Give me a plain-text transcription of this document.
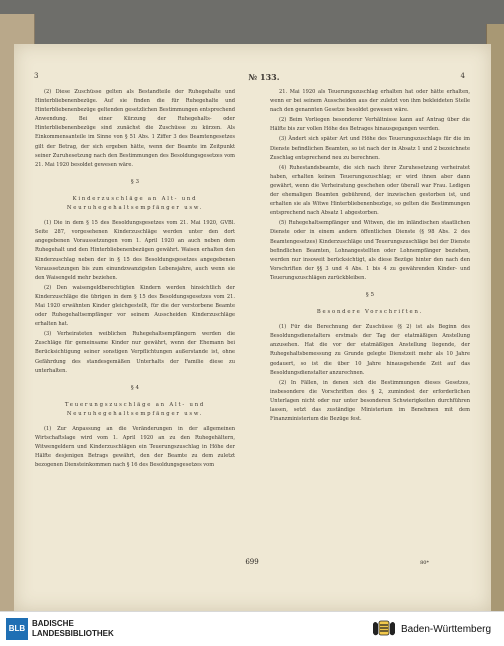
3	№ 133.	4

(2) Diese Zuschüsse gelten als Bestandteile der Ruhegehalte und Hinterbliebenenbezüge. Auf sie finden die für Ruhegehalte und Hinterbliebenenbezüge geltenden gesetzlichen Bestimmungen entsprechend Anwendung. Bei einer Kürzung der Ruhegehalts- oder Hinterbliebenenbezüge sind zunächst die Zuschüsse zu kürzen. Als Einkommensanteile im Sinne von § 51 Abs. 1 Ziffer 3 des Beamtengesetzes gilt der Betrag, der sich ergeben hätte, wenn der Beamte im Zeitpunkt seiner Zuruhesetzung nach den Bestimmungen des Besoldungsgesetzes vom 21. Mai 1920 besoldet gewesen wäre.

§ 3
Kinderzuschläge an Alt- und Neuruhegehaltsempfänger usw.

(1) Die in dem § 15 des Besoldungsgesetzes vom 21. Mai 1920, GVBl. Seite 287, vorgesehenen Kinderzuschläge werden unter den dort angegebenen Voraussetzungen vom 1. April 1920 an auch neben dem Ruhegehalt und den Hinterbliebenenbezügen gewährt. Waisen erhalten den Kinderzuschlag neben der in § 15 des Besoldungsgesetzes angegebenen Voraussetzungen bis zum einundzwanzigsten Lebensjahre, auch wenn sie den Waisengeld mehr beziehen.

(2) Den waisengeldberechtigten Kindern werden hinsichtlich der Kinderzuschläge die übrigen in dem § 15 des Besoldungsgesetzes vom 21. Mai 1920 erwähnten Kinder gleichgestellt, für die der verstorbene Beamte oder Ruhegehaltsempfänger vor seinem Ausscheiden Kinderzuschläge erhalten hat.

(3) Verheirateten weiblichen Ruhegehaltsempfängern werden die Zuschläge für gemeinsame Kinder nur gewährt, wenn der Ehemann bei Berücksichtigung seiner sonstigen Verpflichtungen außerstande ist, ohne Gefährdung des standesgemäßen Unterhalts der Familie diese zu unterhalten.

§ 4
Teuerungszuschläge an Alt- und Neuruhegehaltsempfänger usw.

(1) Zur Anpassung an die Veränderungen in der allgemeinen Wirtschaftslage wird vom 1. April 1920 an zu den Ruhegehältern, Witwengeldern und Kinderzuschlägen ein Teuerungszuschlag in Höhe der Hälfte desjenigen Betrags gewährt, den der Beamte zu dem zuletzt bezogenen Diensteinkommen nach § 16 des Besoldungsgesetzes vom

21. Mai 1920 als Teuerungszuschlag erhalten hat oder hätte erhalten, wenn er bei seinem Ausscheiden aus der zuletzt von ihm bekleideten Stelle nach den genannten Gesetze besoldet gewesen wäre.

(2) Beim Vorliegen besonderer Verhältnisse kann auf Antrag über die Hälfte bis zur vollen Höhe des Betrages hinausgegangen werden.

(3) Ändert sich später Art und Höhe des Teuerungszuschlags für die im Dienste befindlichen Beamten, so ist nach der in Absatz 1 und 2 bezeichnete Zuschlag entsprechend neu zu berechnen.

(4) Ruhestandsbeamte, die sich nach ihrer Zuruhesetzung verheiratet haben, erhalten keinen Teuerungszuschlag; er wird ihnen aber dann gewährt, wenn die Verheiratung geschehen oder überall war Frau. Ledigen der ehemaligen Beamten gebührend, der inzwischen gestorben ist, und erhalten sie als Witwe Hinterbliebenenbezüge, so gelten die Bestimmungen entsprechend nach Absatz 1 abgestorben.

(5) Ruhegehaltsempfänger und Witwen, die im inländischen staatlichen Dienste oder in einem andern öffentlichen Dienste (§ 98 Abs. 2 des Beamtengesetzes) Kinderzuschläge und Teuerungszuschläge bei der Dienste befindlichen Beamten, Lohnangestellten oder Lohnempfänger beziehen, werden nur insoweit berücksichtigt, als diese Bezüge hinter den nach den Vorschriften der §§ 3 und 4 Abs. 1 bis 4 zu gewährenden Kinder- und Teuerungszuschlägen zurückbleiben.

§ 5
Besondere Vorschriften.

(1) Für die Berechnung der Zuschüsse (§ 2) ist als Beginn des Besoldungsdienstalters erstmals der Tag der etatmäßigen Anstellung anzusehen. Hat die vor der etatmäßigen Anstellung liegende, der Ruhegehaltsbemessung zu Grunde gelegte Dienstzeit mehr als 10 Jahre gedauert, so ist die über 10 Jahre hinausgehende Zeit auf das Besoldungsdienstalter anzurechnen.

(2) In Fällen, in denen sich die Bestimmungen dieses Gesetzes, insbesondere die Vorschriften des § 2, zumindest der erforderlichen Unterlagen nicht oder nur unter besonderen Schwierigkeiten durchführen lassen, setzt das zuständige Ministerium im Benehmen mit dem Finanzministerium die Bezüge fest.

699	80*
BLB
BADISCHE
LANDESBIBLIOTHEK	Baden-Württemberg
